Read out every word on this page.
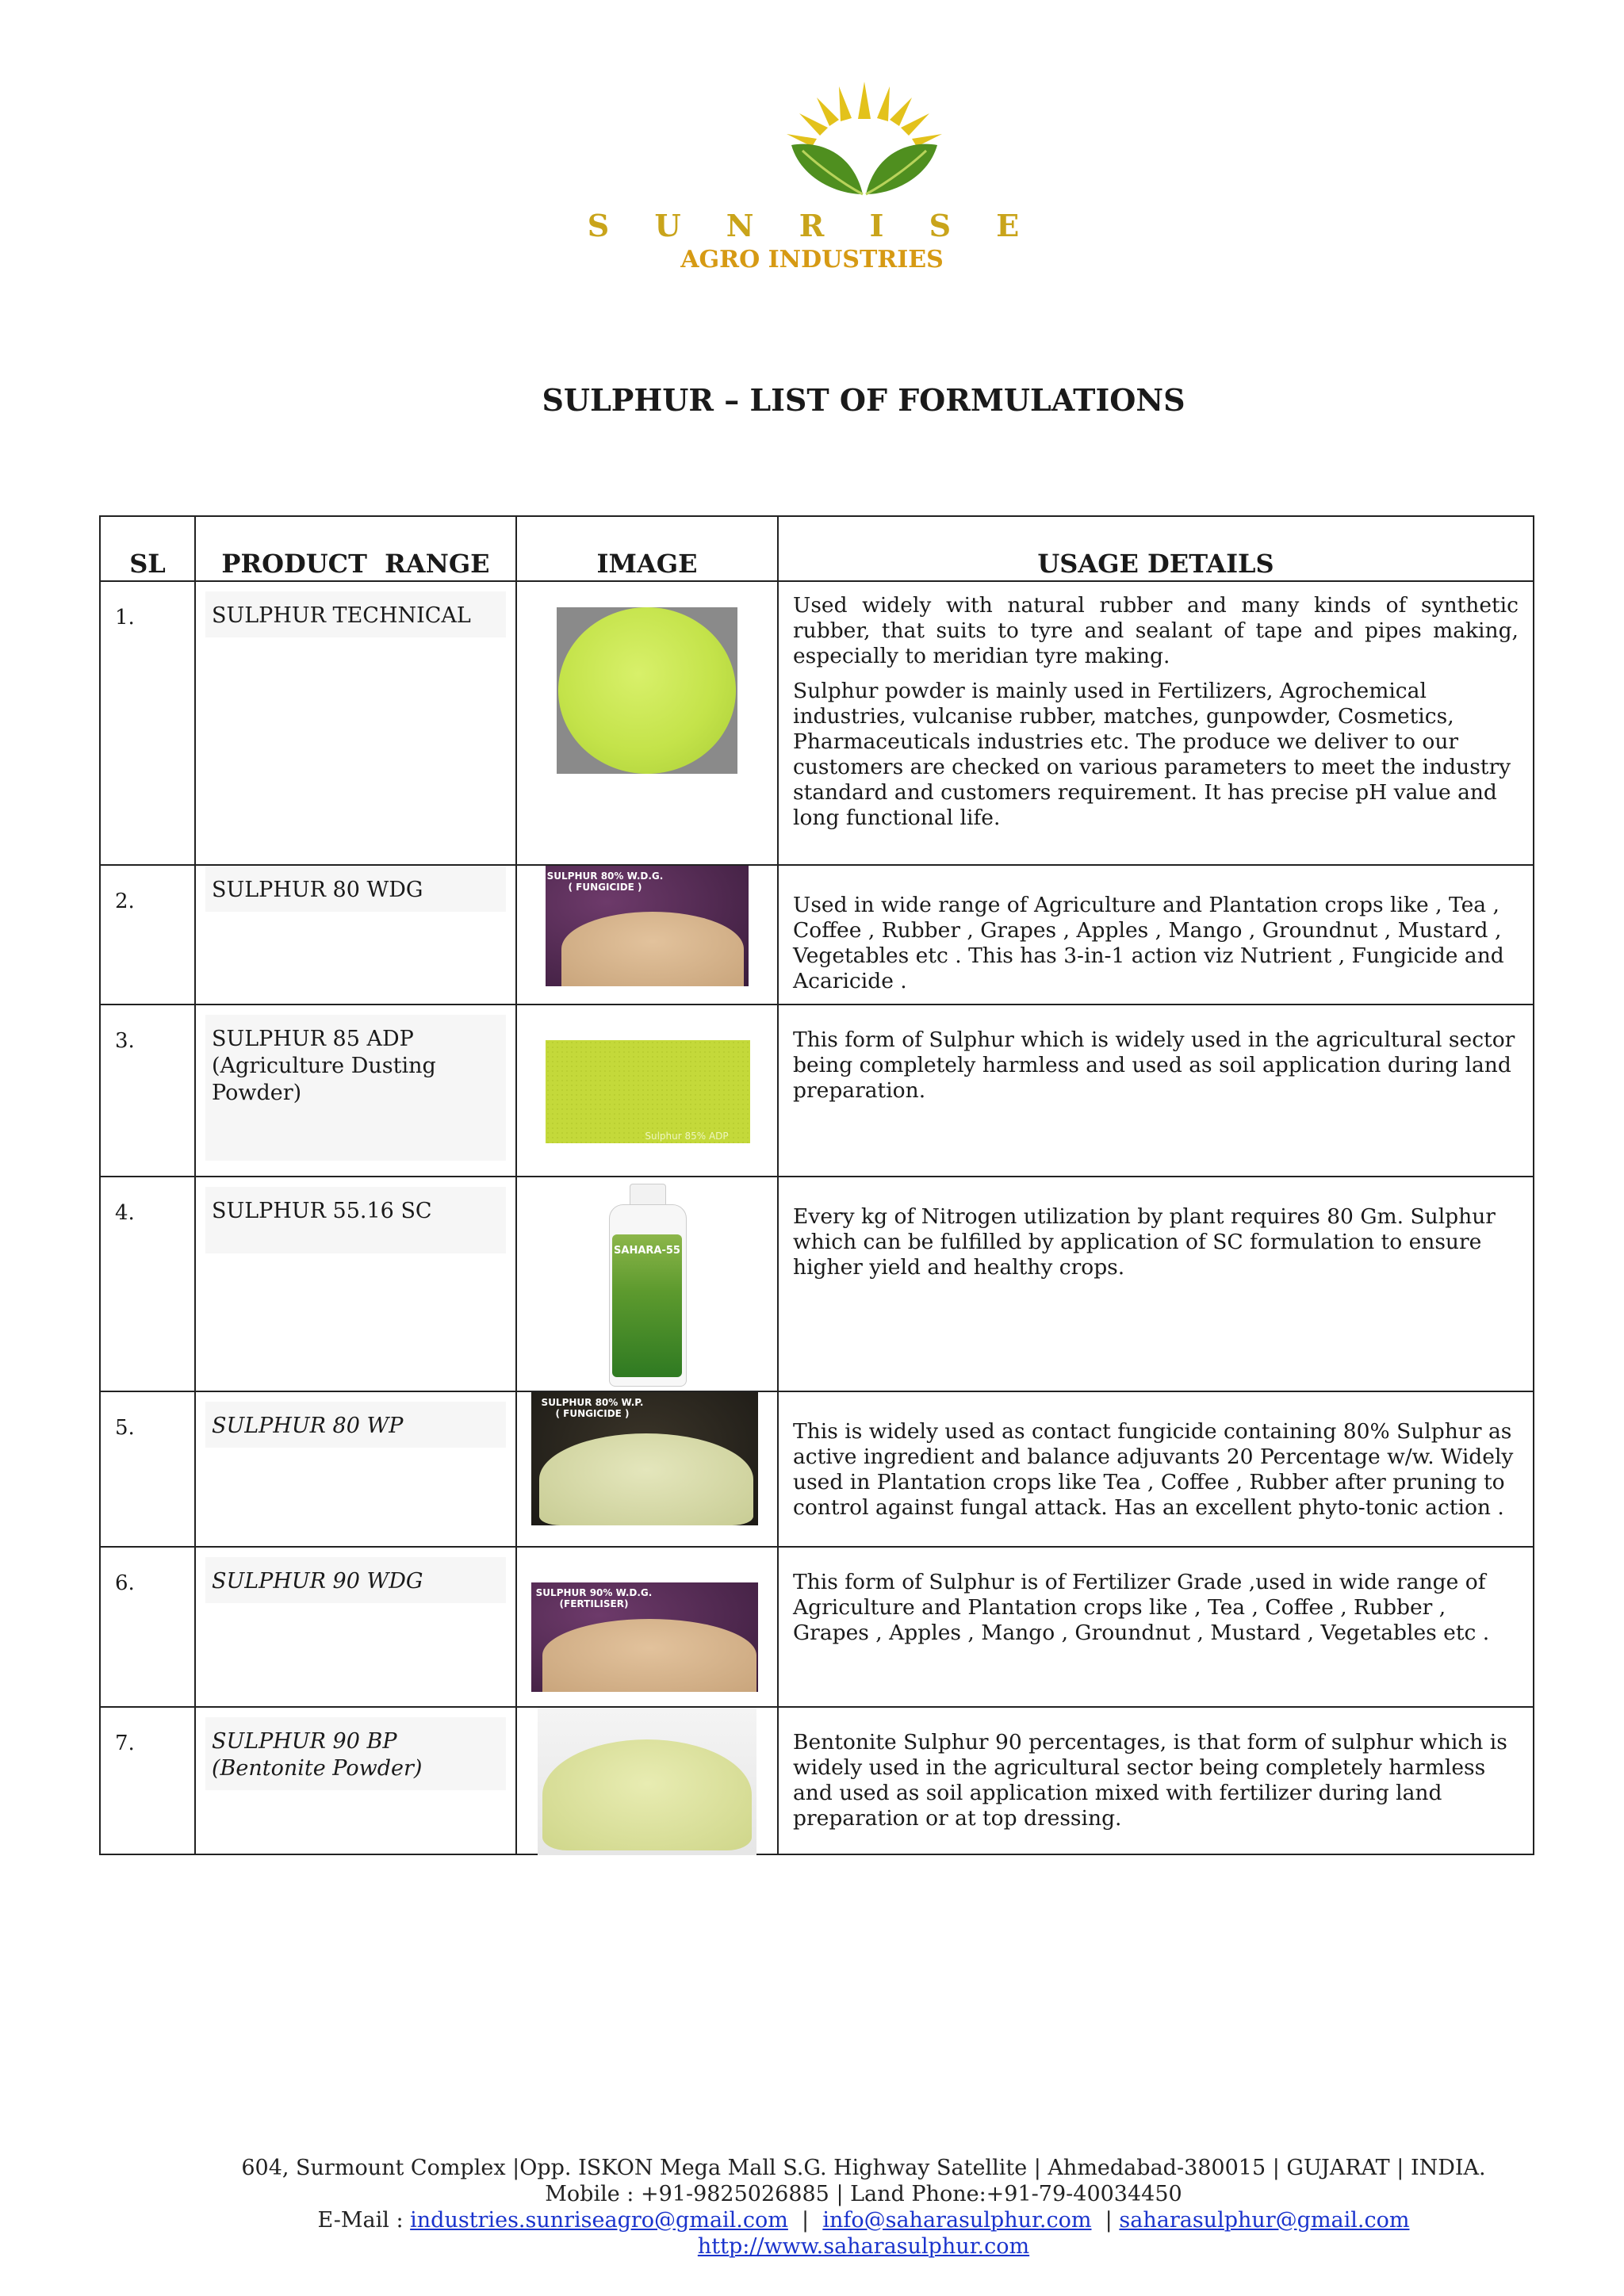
S U N R I S E
AGRO INDUSTRIES
SULPHUR – LIST OF FORMULATIONS
SL	PRODUCT  RANGE	IMAGE	USAGE DETAILS

1.	SULPHUR TECHNICAL		Used widely with natural rubber and many kinds of synthetic rubber, that suits to tyre and sealant of tape and pipes making, especially to meridian tyre making.

Sulphur powder is mainly used in Fertilizers, Agrochemical industries, vulcanise rubber, matches, gunpowder, Cosmetics, Pharmaceuticals industries etc. The produce we deliver to our customers are checked on various parameters to meet the industry standard and customers requirement. It has precise pH value and long functional life.

2.	SULPHUR 80 WDG	SULPHUR 80% W.D.G.
( FUNGICIDE )	Used in wide range of Agriculture and Plantation crops like , Tea , Coffee , Rubber , Grapes , Apples , Mango , Groundnut , Mustard , Vegetables etc . This has 3-in-1 action viz Nutrient , Fungicide and Acaricide .

3.	SULPHUR 85 ADP (Agriculture Dusting Powder)	Sulphur 85% ADP	This form of Sulphur which is widely used in the agricultural sector being completely harmless and used as soil application during land preparation.

4.	SULPHUR 55.16 SC	SAHARA-55	Every kg of Nitrogen utilization by plant requires 80 Gm. Sulphur which can be fulfilled by application of SC formulation to ensure higher yield and healthy crops.

5.	SULPHUR 80 WP	SULPHUR 80% W.P.
( FUNGICIDE )	This is widely used as contact fungicide containing 80% Sulphur as active ingredient and balance adjuvants 20 Percentage w/w. Widely used in Plantation crops like Tea , Coffee , Rubber after pruning to control against fungal attack. Has an excellent phyto-tonic action .

6.	SULPHUR 90 WDG	SULPHUR 90% W.D.G.
(FERTILISER)	This form of Sulphur is of Fertilizer Grade ,used in wide range of Agriculture and Plantation crops like , Tea , Coffee , Rubber , Grapes , Apples , Mango , Groundnut , Mustard , Vegetables etc .

7.	SULPHUR 90 BP
(Bentonite Powder)		Bentonite Sulphur 90 percentages, is that form of sulphur which is widely used in the agricultural sector being completely harmless and used as soil application mixed with fertilizer during land preparation or at top dressing.

604, Surmount Complex |Opp. ISKON Mega Mall S.G. Highway Satellite | Ahmedabad-380015 | GUJARAT | INDIA.
Mobile : +91-9825026885 | Land Phone:+91-79-40034450
E-Mail : industries.sunriseagro@gmail.com | info@saharasulphur.com | saharasulphur@gmail.com
http://www.saharasulphur.com
